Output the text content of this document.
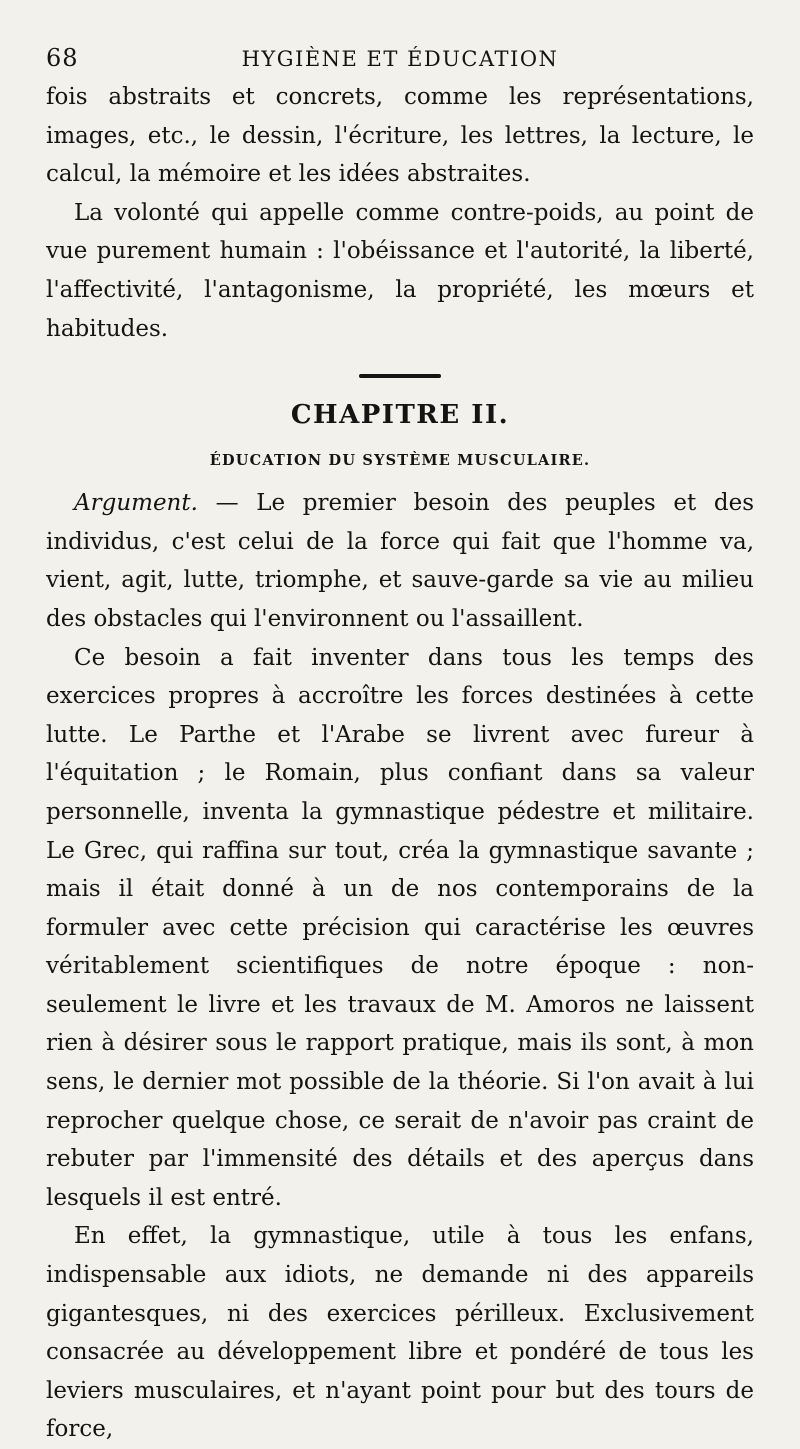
68	HYGIÈNE ET ÉDUCATION

fois abstraits et concrets, comme les représentations, images, etc., le dessin, l'écriture, les lettres, la lecture, le calcul, la mémoire et les idées abstraites.

La volonté qui appelle comme contre-poids, au point de vue purement humain : l'obéissance et l'autorité, la liberté, l'affectivité, l'antagonisme, la propriété, les mœurs et habitudes.

CHAPITRE II.
ÉDUCATION DU SYSTÈME MUSCULAIRE.

Argument. — Le premier besoin des peuples et des individus, c'est celui de la force qui fait que l'homme va, vient, agit, lutte, triomphe, et sauve-garde sa vie au milieu des obstacles qui l'environnent ou l'assaillent.

Ce besoin a fait inventer dans tous les temps des exercices propres à accroître les forces destinées à cette lutte. Le Parthe et l'Arabe se livrent avec fureur à l'équitation ; le Romain, plus confiant dans sa valeur personnelle, inventa la gymnastique pédestre et militaire. Le Grec, qui raffina sur tout, créa la gymnastique savante ; mais il était donné à un de nos contemporains de la formuler avec cette précision qui caractérise les œuvres véritablement scientifiques de notre époque : non-seulement le livre et les travaux de M. Amoros ne laissent rien à désirer sous le rapport pratique, mais ils sont, à mon sens, le dernier mot possible de la théorie. Si l'on avait à lui reprocher quelque chose, ce serait de n'avoir pas craint de rebuter par l'immensité des détails et des aperçus dans lesquels il est entré.

En effet, la gymnastique, utile à tous les enfans, indispensable aux idiots, ne demande ni des appareils gigantesques, ni des exercices périlleux. Exclusivement consacrée au développement libre et pondéré de tous les leviers musculaires, et n'ayant point pour but des tours de force,
